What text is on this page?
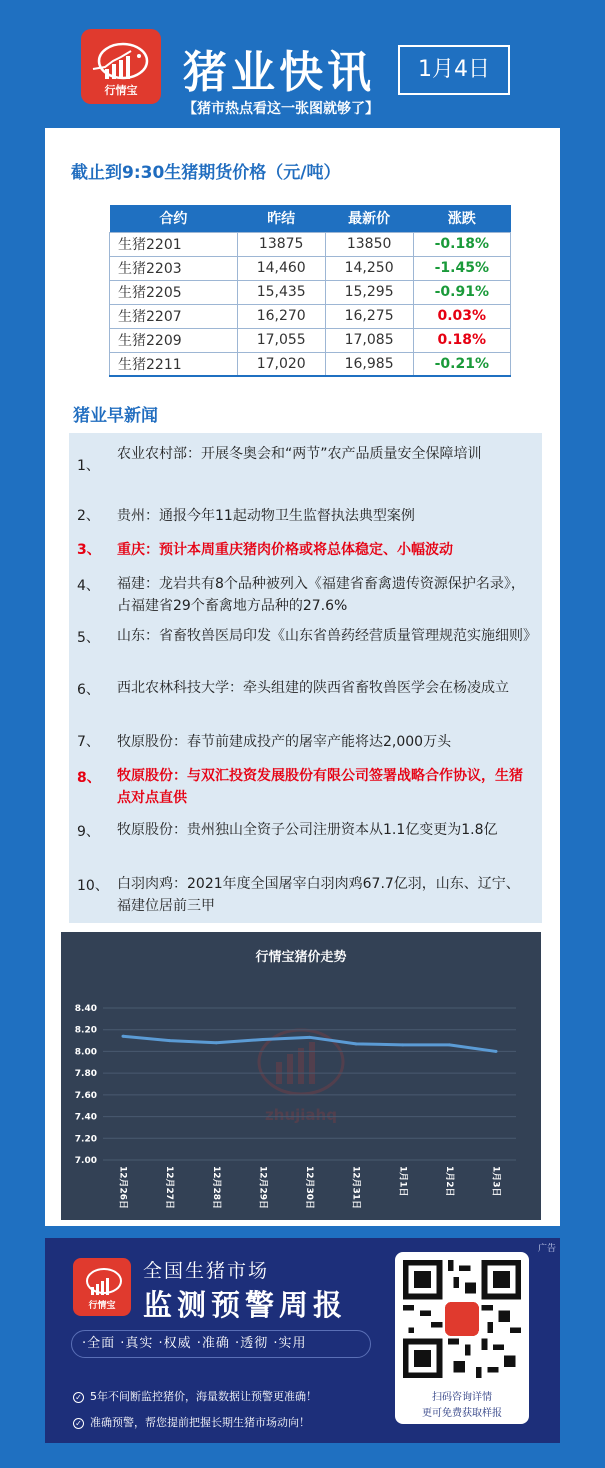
行情宝	猪业快讯	1月4日
【猪市热点看这一张图就够了】
截止到9:30生猪期货价格（元/吨）
合约	昨结	最新价	涨跌
生猪2201	13875	13850	-0.18%
生猪2203	14,460	14,250	-1.45%
生猪2205	15,435	15,295	-0.91%
生猪2207	16,270	16,275	0.03%
生猪2209	17,055	17,085	0.18%
生猪2211	17,020	16,985	-0.21%
猪业早新闻
1、
农业农村部：开展冬奥会和“两节”农产品质量安全保障培训
2、	贵州：通报今年11起动物卫生监督执法典型案例
3、	重庆：预计本周重庆猪肉价格或将总体稳定、小幅波动
4、	福建：龙岩共有8个品种被列入《福建省畜禽遗传资源保护名录》，占福建省29个畜禽地方品种的27.6%
5、	山东：省畜牧兽医局印发《山东省兽药经营质量管理规范实施细则》
6、	西北农林科技大学：牵头组建的陕西省畜牧兽医学会在杨凌成立
7、	牧原股份：春节前建成投产的屠宰产能将达2,000万头
8、	牧原股份：与双汇投资发展股份有限公司签署战略合作协议，生猪点对点直供
9、	牧原股份：贵州独山全资子公司注册资本从1.1亿变更为1.8亿
10、 白羽肉鸡：2021年度全国屠宰白羽肉鸡67.7亿羽，山东、辽宁、福建位居前三甲
行情宝猪价走势
zhujiahq
7.00
7.20
7.40
7.60
7.80
8.00
8.20
8.40
12月26日	12月27日	12月28日	12月29日	12月30日	12月31日	1月1日	1月2日	1月3日
广告
行情宝
全国生猪市场
监测预警周报
·全面 ·真实 ·权威 ·准确 ·透彻 ·实用
✓ 5年不间断监控猪价，海量数据让预警更准确！
✓ 准确预警，帮您提前把握长期生猪市场动向！
扫码咨询详情
更可免费获取样报
